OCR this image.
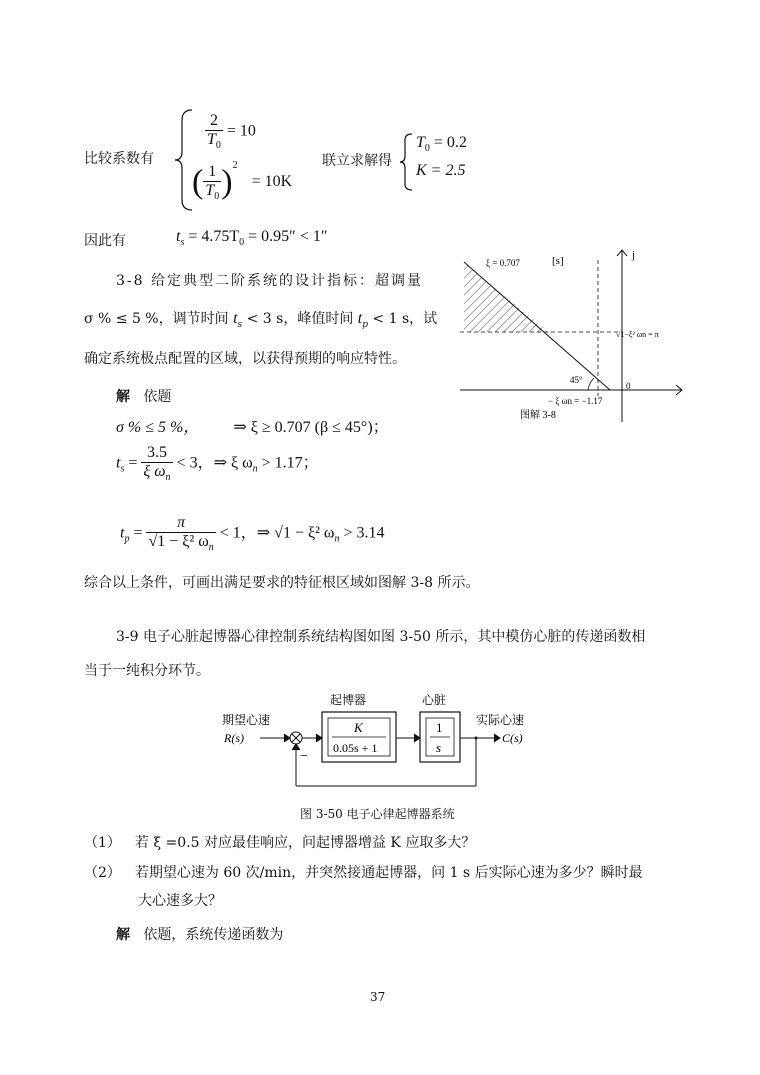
比较系数有
$\frac{2}{T_0} = 10$
( $\frac{1}{T_0} )^2 = 10K$
联立求解得
$T_0 = 0.2$
K = 2.5
因此有	$t_s = 4.75T_0 = 0.95'' < 1''$
3-8 给定典型二阶系统的设计指标：超调量
σ % ≤ 5 %，调节时间 $t_s < 3$ s，峰值时间 $t_p < 1$ s，试
确定系统极点配置的区域，以获得预期的响应特性。
解 依题
σ % ≤ 5 %， ⇒ ξ ≥ 0.707 (β ≤ 45°)；
$t_s = \frac{3.5}{\xi \omega_n} < 3$，⇒ ξ $\omega_n > 1.17$；
$t_p = \frac{\pi}{√1 - \xi^2 \omega_n} < 1$，⇒ √1 − ξ² $\omega_n > 3.14$
综合以上条件，可画出满足要求的特征根区域如图解 3-8 所示。
ξ = 0.707	[s]	j
√1−ξ² ωn = π
45°
0
− ξ ωn = −1.17
图解 3-8
3-9 电子心脏起博器心律控制系统结构图如图 3-50 所示，其中模仿心脏的传递函数相
当于一纯积分环节。
起博器	心脏
期望心速
R(s)
实际心速
C(s)
−
K
0.05s + 1
1
s
图 3-50 电子心律起博器系统
（1） 若 ξ =0.5 对应最佳响应，问起博器增益 K 应取多大？
（2） 若期望心速为 60 次/min，并突然接通起博器，问 1 s 后实际心速为多少？瞬时最
大心速多大？
解 依题，系统传递函数为
37
